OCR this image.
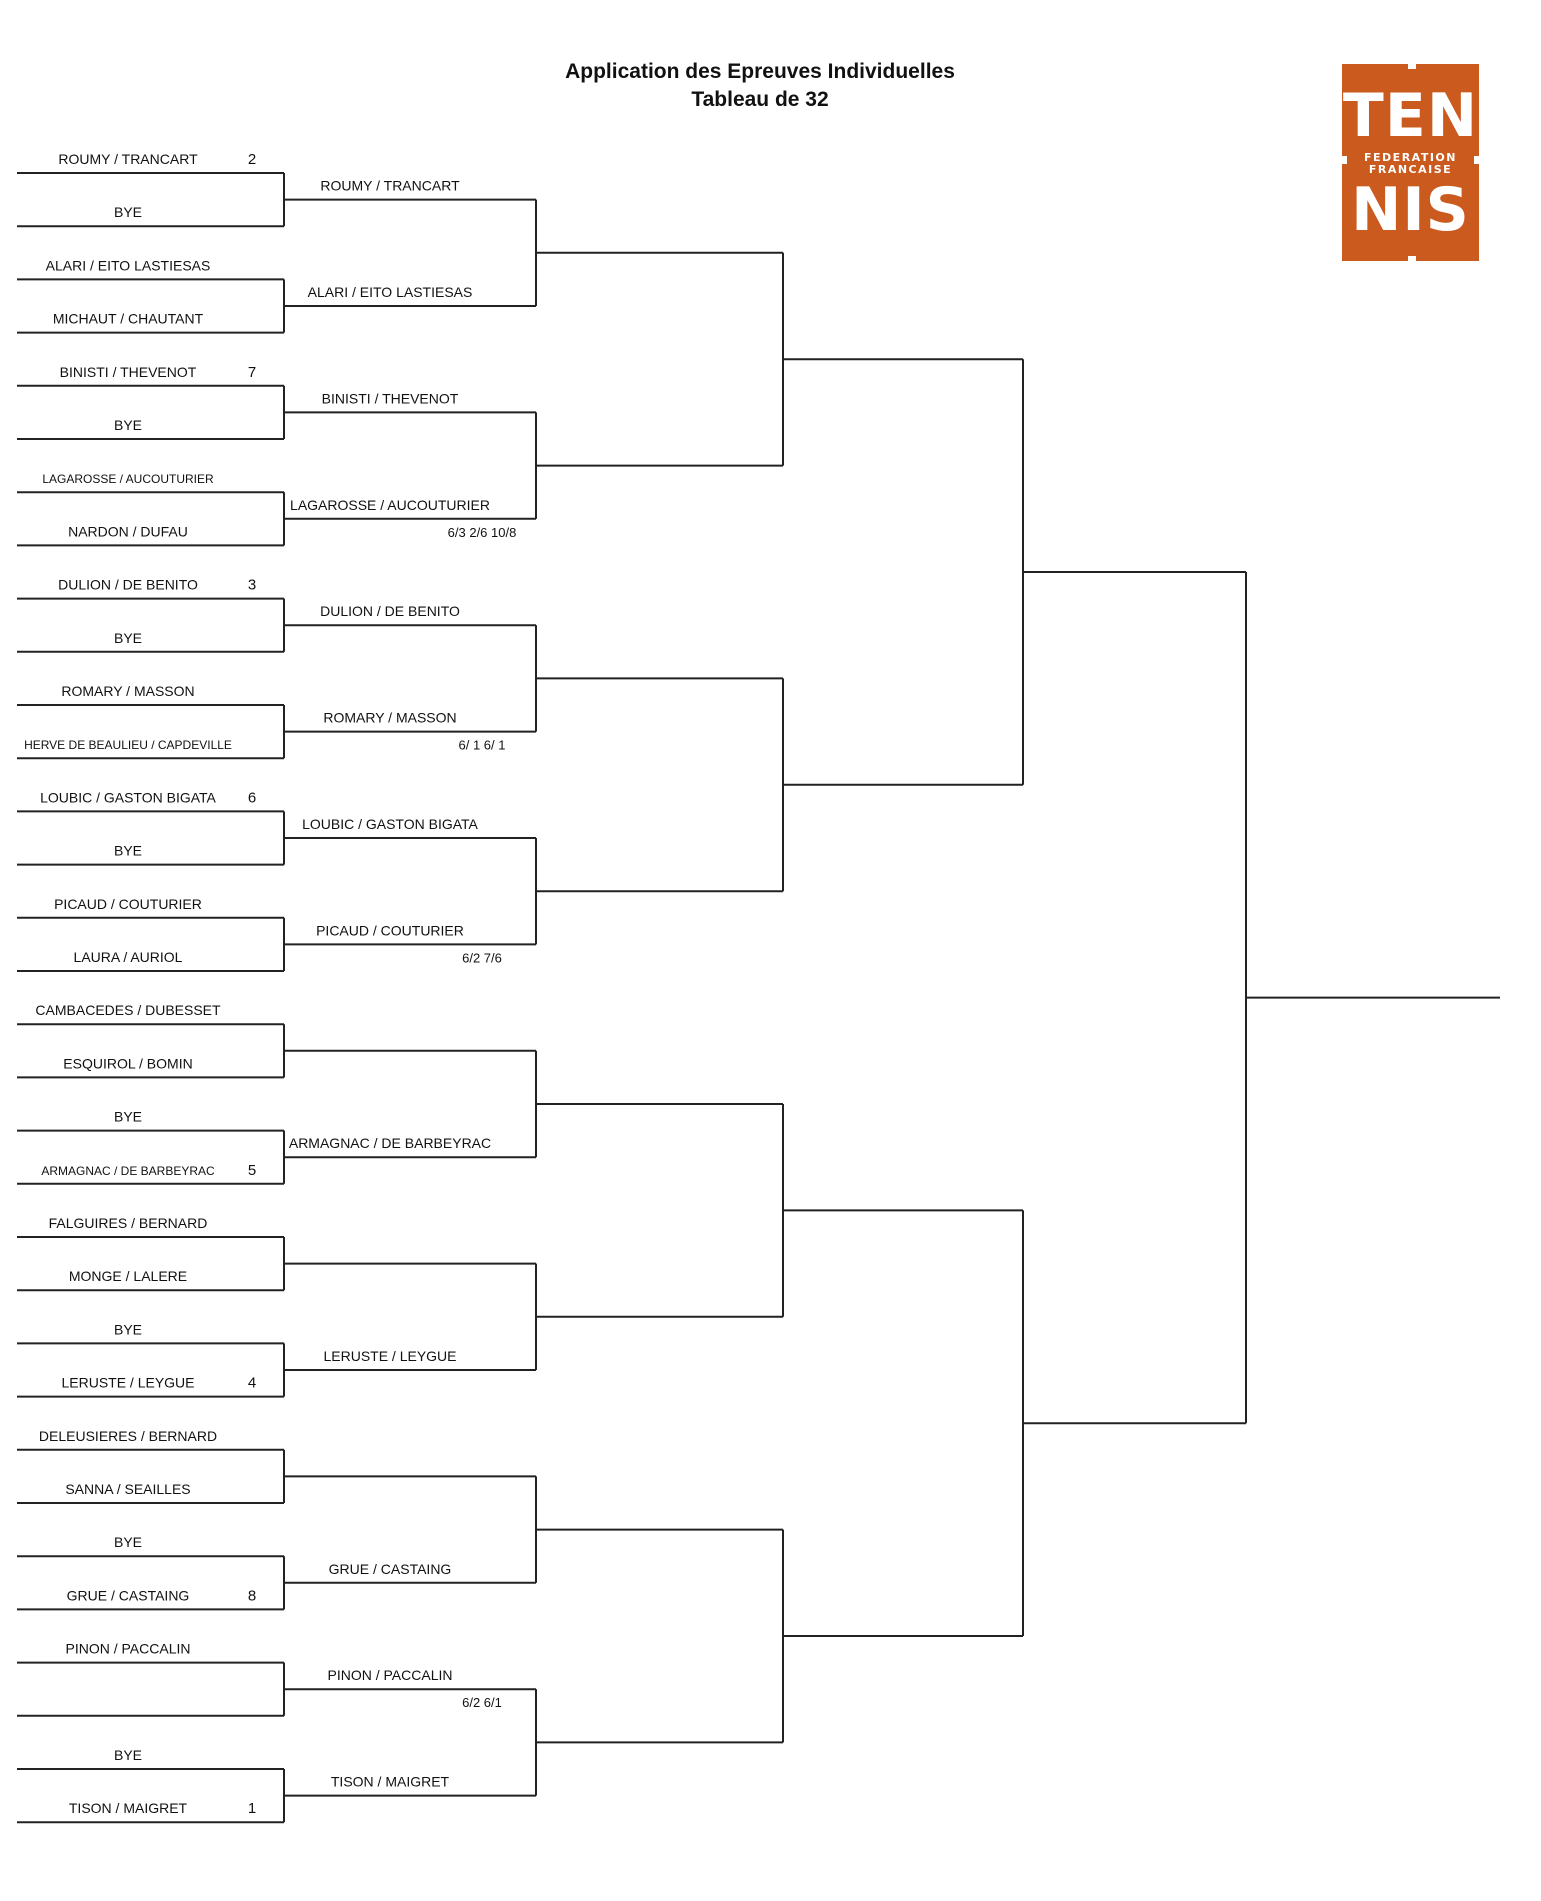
Application des Epreuves Individuelles
Tableau de 32	TEN
FEDERATION
FRANCAISE
NIS
ROUMY / TRANCART	2
BYE
ALARI / EITO LASTIESAS
MICHAUT / CHAUTANT
BINISTI / THEVENOT	7
BYE
LAGAROSSE / AUCOUTURIER
NARDON / DUFAU
DULION / DE BENITO	3
BYE
ROMARY / MASSON
HERVE DE BEAULIEU / CAPDEVILLE
LOUBIC / GASTON BIGATA 6
BYE
PICAUD / COUTURIER
LAURA / AURIOL
CAMBACEDES / DUBESSET
ESQUIROL / BOMIN
BYE
ARMAGNAC / DE BARBEYRAC 5
FALGUIRES / BERNARD
MONGE / LALERE
BYE
LERUSTE / LEYGUE	4
DELEUSIERES / BERNARD
SANNA / SEAILLES
BYE
GRUE / CASTAING	8
PINON / PACCALIN
BYE
TISON / MAIGRET	1
ROUMY / TRANCART
ALARI / EITO LASTIESAS
BINISTI / THEVENOT
LAGAROSSE / AUCOUTURIER
6/3 2/6 10/8
DULION / DE BENITO
ROMARY / MASSON
6/ 1 6/ 1
LOUBIC / GASTON BIGATA
PICAUD / COUTURIER
6/2 7/6
ARMAGNAC / DE BARBEYRAC
LERUSTE / LEYGUE
GRUE / CASTAING
PINON / PACCALIN
6/2 6/1
TISON / MAIGRET
